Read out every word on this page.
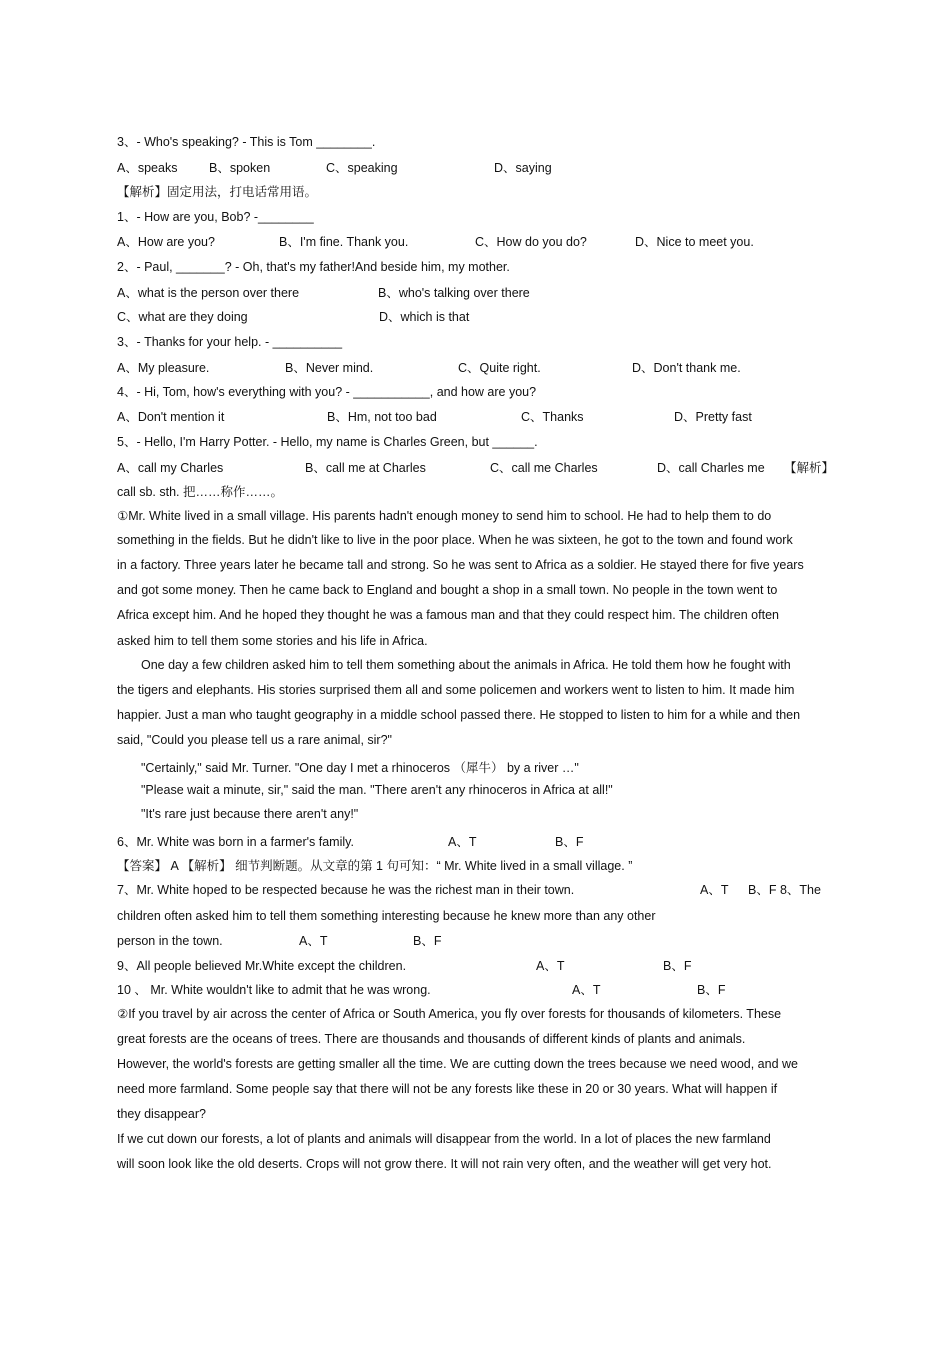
3、- Who's speaking? - This is Tom ________.
A、speaks	B、spoken	C、speaking	D、saying
【解析】固定用法，打电话常用语。
1、- How are you, Bob? -________
A、How are you?	B、I'm fine. Thank you.	C、How do you do?	D、Nice to meet you.
2、- Paul, _______? - Oh, that's my father!And beside him, my mother.
A、what is the person over there	B、who's talking over there
C、what are they doing	D、which is that
3、- Thanks for your help. - __________
A、My pleasure.	B、Never mind.	C、Quite right.	D、Don't thank me.
4、- Hi, Tom, how's everything with you? - ___________, and how are you?
A、Don't mention it	B、Hm, not too bad	C、Thanks	D、Pretty fast
5、- Hello, I'm Harry Potter. - Hello, my name is Charles Green, but ______.
A、call my Charles	B、call me at Charles	C、call me Charles	D、call Charles me 【解析】
call sb. sth. 把……称作……。
①Mr. White lived in a small village. His parents hadn't enough money to send him to school. He had to help them to do
something in the fields. But he didn't like to live in the poor place. When he was sixteen, he got to the town and found work
in a factory. Three years later he became tall and strong. So he was sent to Africa as a soldier. He stayed there for five years
and got some money. Then he came back to England and bought a shop in a small town. No people in the town went to
Africa except him. And he hoped they thought he was a famous man and that they could respect him. The children often
asked him to tell them some stories and his life in Africa.
One day a few children asked him to tell them something about the animals in Africa. He told them how he fought with
the tigers and elephants. His stories surprised them all and some policemen and workers went to listen to him. It made him
happier. Just a man who taught geography in a middle school passed there. He stopped to listen to him for a while and then
said, "Could you please tell us a rare animal, sir?"
"Certainly," said Mr. Turner. "One day I met a rhinoceros （犀牛） by a river …"
"Please wait a minute, sir," said the man. "There aren't any rhinoceros in Africa at all!"
"It's rare just because there aren't any!"
6、Mr. White was born in a farmer's family.	A、T	B、F
【答案】 A 【解析】 细节判断题。从文章的第 1 句可知：“ Mr. White lived in a small village. ”
7、Mr. White hoped to be respected because he was the richest man in their town.	A、T B、F 8、The
children often asked him to tell them something interesting because he knew more than any other
person in the town.	A、T	B、F
9、All people believed Mr.White except the children.	A、T	B、F
10 、 Mr. White wouldn't like to admit that he was wrong.	A、T	B、F
②If you travel by air across the center of Africa or South America, you fly over forests for thousands of kilometers. These
great forests are the oceans of trees. There are thousands and thousands of different kinds of plants and animals.
However, the world's forests are getting smaller all the time. We are cutting down the trees because we need wood, and we
need more farmland. Some people say that there will not be any forests like these in 20 or 30 years. What will happen if
they disappear?
If we cut down our forests, a lot of plants and animals will disappear from the world. In a lot of places the new farmland
will soon look like the old deserts. Crops will not grow there. It will not rain very often, and the weather will get very hot.
